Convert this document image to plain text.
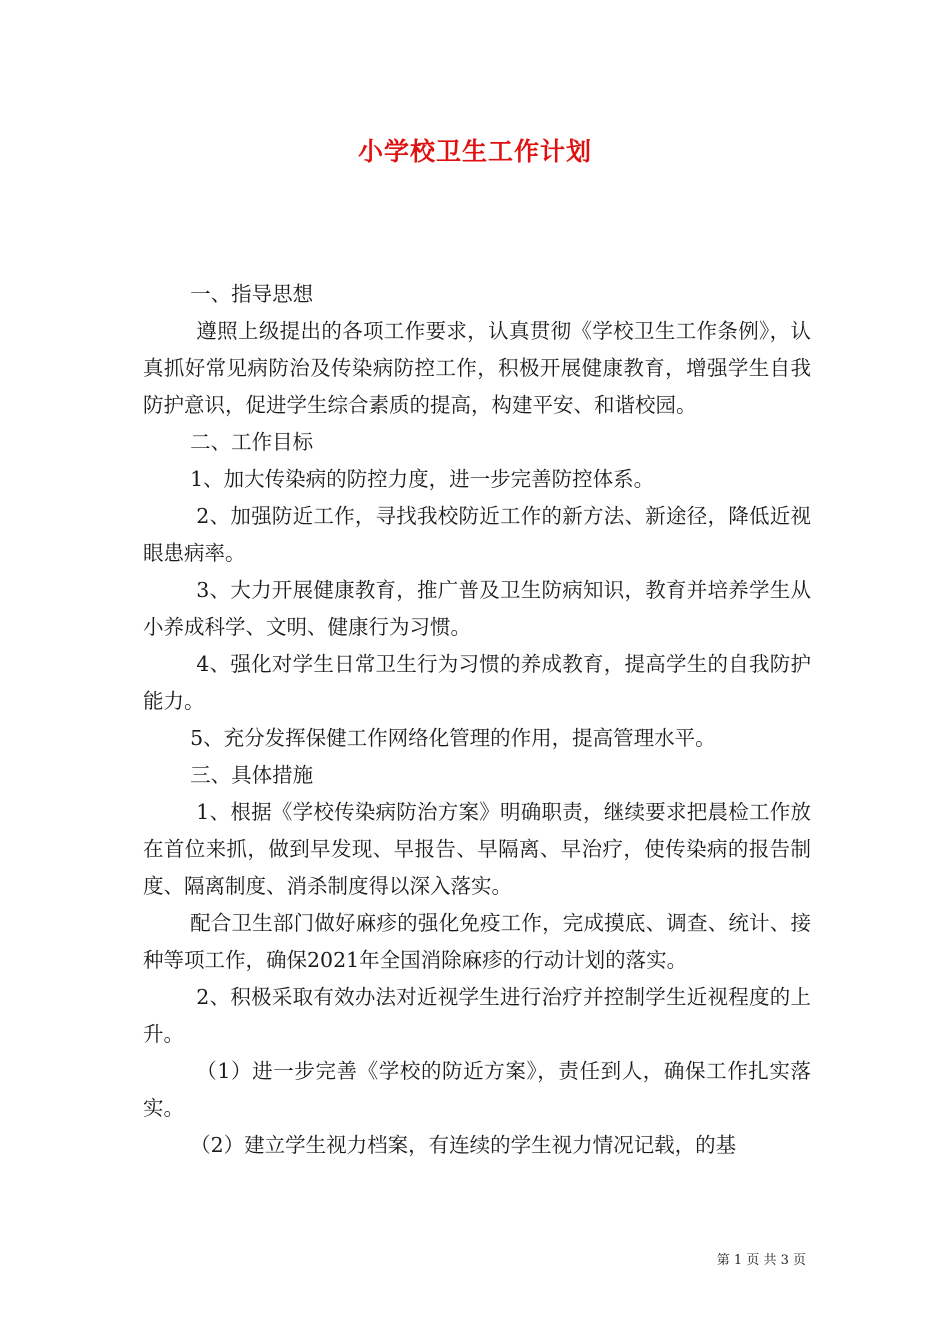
小学校卫生工作计划

一、指导思想

遵照上级提出的各项工作要求，认真贯彻《学校卫生工作条例》，认真抓好常见病防治及传染病防控工作，积极开展健康教育，增强学生自我防护意识，促进学生综合素质的提高，构建平安、和谐校园。

二、工作目标

1、加大传染病的防控力度，进一步完善防控体系。

2、加强防近工作，寻找我校防近工作的新方法、新途径，降低近视眼患病率。

3、大力开展健康教育，推广普及卫生防病知识，教育并培养学生从小养成科学、文明、健康行为习惯。

4、强化对学生日常卫生行为习惯的养成教育，提高学生的自我防护能力。

5、充分发挥保健工作网络化管理的作用，提高管理水平。

三、具体措施

1、根据《学校传染病防治方案》明确职责，继续要求把晨检工作放在首位来抓，做到早发现、早报告、早隔离、早治疗，使传染病的报告制度、隔离制度、消杀制度得以深入落实。

配合卫生部门做好麻疹的强化免疫工作，完成摸底、调查、统计、接种等项工作，确保2021年全国消除麻疹的行动计划的落实。

2、积极采取有效办法对近视学生进行治疗并控制学生近视程度的上升。

（1）进一步完善《学校的防近方案》，责任到人，确保工作扎实落实。

（2）建立学生视力档案，有连续的学生视力情况记载，的基

第 1 页 共 3 页
